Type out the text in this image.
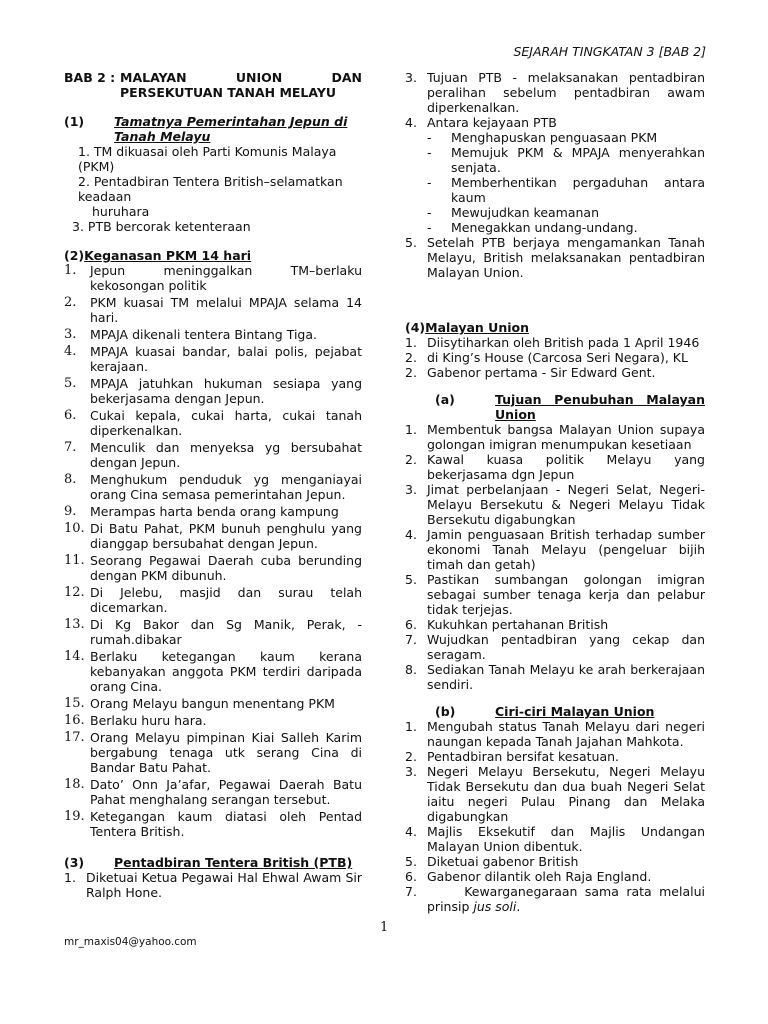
SEJARAH TINGKATAN 3 [BAB 2]
BAB 2 : MALAYAN UNION DAN
PERSEKUTUAN TANAH MELAYU
(1)	Tamatnya Pemerintahan Jepun di Tanah Melayu

1. TM dikuasai oleh Parti Komunis Malaya (PKM)

2. Pentadbiran Tentera British–selamatkan keadaan

huruhara

3. PTB bercorak ketenteraan

(2)Keganasan PKM 14 hari
1.	Jepun meninggalkan TM–berlaku kekosongan politik
2.	PKM kuasai TM melalui MPAJA selama 14 hari.
3.	MPAJA dikenali tentera Bintang Tiga.
4.	MPAJA kuasai bandar, balai polis, pejabat kerajaan.
5.	MPAJA jatuhkan hukuman sesiapa yang bekerjasama dengan Jepun.
6.	Cukai kepala, cukai harta, cukai tanah diperkenalkan.
7.	Menculik dan menyeksa yg bersubahat dengan Jepun.
8.	Menghukum penduduk yg menganiayai orang Cina semasa pemerintahan Jepun.
9.	Merampas harta benda orang kampung
10. Di Batu Pahat, PKM bunuh penghulu yang dianggap bersubahat dengan Jepun.
11. Seorang Pegawai Daerah cuba berunding dengan PKM dibunuh.
12. Di Jelebu, masjid dan surau telah dicemarkan.
13. Di Kg Bakor dan Sg Manik, Perak, - rumah.dibakar
14. Berlaku ketegangan kaum kerana kebanyakan anggota PKM terdiri daripada orang Cina.
15. Orang Melayu bangun menentang PKM
16. Berlaku huru hara.
17. Orang Melayu pimpinan Kiai Salleh Karim bergabung tenaga utk serang Cina di Bandar Batu Pahat.
18. Dato’ Onn Ja’afar, Pegawai Daerah Batu Pahat menghalang serangan tersebut.
19. Ketegangan kaum diatasi oleh Pentad Tentera British.
(3)	Pentadbiran Tentera British (PTB)
1. Diketuai Ketua Pegawai Hal Ehwal Awam Sir Ralph Hone.
3. Tujuan PTB - melaksanakan pentadbiran peralihan sebelum pentadbiran awam diperkenalkan.
4. Antara kejayaan PTB
-	Menghapuskan penguasaan PKM
-	Memujuk PKM & MPAJA menyerahkan senjata.
-	Memberhentikan pergaduhan antara kaum
-	Mewujudkan keamanan
-	Menegakkan undang-undang.
5. Setelah PTB berjaya mengamankan Tanah Melayu, British melaksanakan pentadbiran Malayan Union.
(4)Malayan Union
1. Diisytiharkan oleh British pada 1 April 1946
2. di King’s House (Carcosa Seri Negara), KL
2. Gabenor pertama - Sir Edward Gent.
(a)	Tujuan Penubuhan Malayan Union
1. Membentuk bangsa Malayan Union supaya golongan imigran menumpukan kesetiaan
2. Kawal kuasa politik Melayu yang bekerjasama dgn Jepun
3. Jimat perbelanjaan - Negeri Selat, Negeri-Melayu Bersekutu & Negeri Melayu Tidak Bersekutu digabungkan
4. Jamin penguasaan British terhadap sumber ekonomi Tanah Melayu (pengeluar bijih timah dan getah)
5. Pastikan sumbangan golongan imigran sebagai sumber tenaga kerja dan pelabur tidak terjejas.
6. Kukuhkan pertahanan British
7. Wujudkan pentadbiran yang cekap dan seragam.
8. Sediakan Tanah Melayu ke arah berkerajaan sendiri.
(b)	Ciri-ciri Malayan Union
1. Mengubah status Tanah Melayu dari negeri naungan kepada Tanah Jajahan Mahkota.
2. Pentadbiran bersifat kesatuan.
3. Negeri Melayu Bersekutu, Negeri Melayu Tidak Bersekutu dan dua buah Negeri Selat iaitu negeri Pulau Pinang dan Melaka digabungkan
4. Majlis Eksekutif dan Majlis Undangan Malayan Union dibentuk.
5. Diketuai gabenor British
6. Gabenor dilantik oleh Raja England.
7. Kewarganegaraan sama rata melalui prinsip jus soli.
1
mr_maxis04@yahoo.com
